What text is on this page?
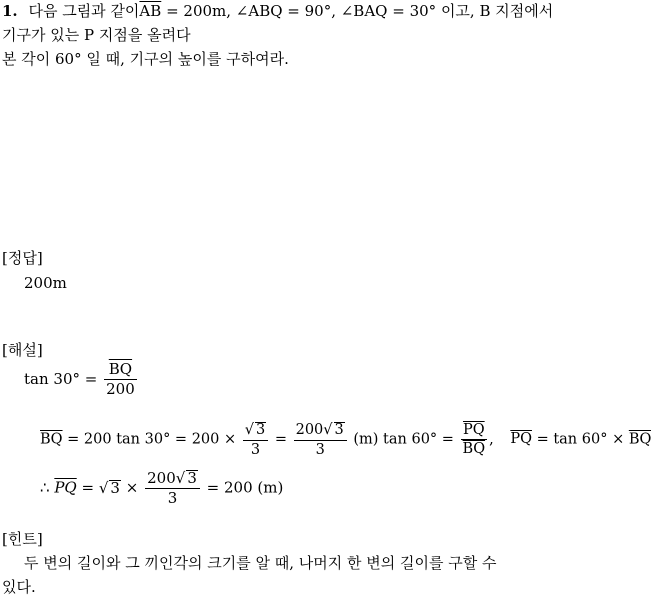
1. 다음 그림과 같이$\overline{AB} = 200m$, ∠ABQ = 90°, ∠BAQ = 30° 이고, B 지점에서
기구가 있는 P 지점을 올려다
본 각이 60° 일 때, 기구의 높이를 구하여라.
[정답]
200m
[해설]
$\tan 30^\circ = \frac{\overline{BQ}}{200}$
$\overline{BQ} = 200$ $\tan 30^\circ = 200 \times \frac{√ 3}{3} = \frac{200√ 3}{3} (m)$ $\tan 60^\circ = \frac{\overline{PQ}}{BQ}$ , $\overline{PQ} = \tan 60^\circ \times \overline{BQ}$
∴ $\overline{PQ}$ = √ $3 \times \frac{200√ 3}{3} = 200$ (m)
[힌트]
두 변의 길이와 그 끼인각의 크기를 알 때, 나머지 한 변의 길이를 구할 수
있다.
